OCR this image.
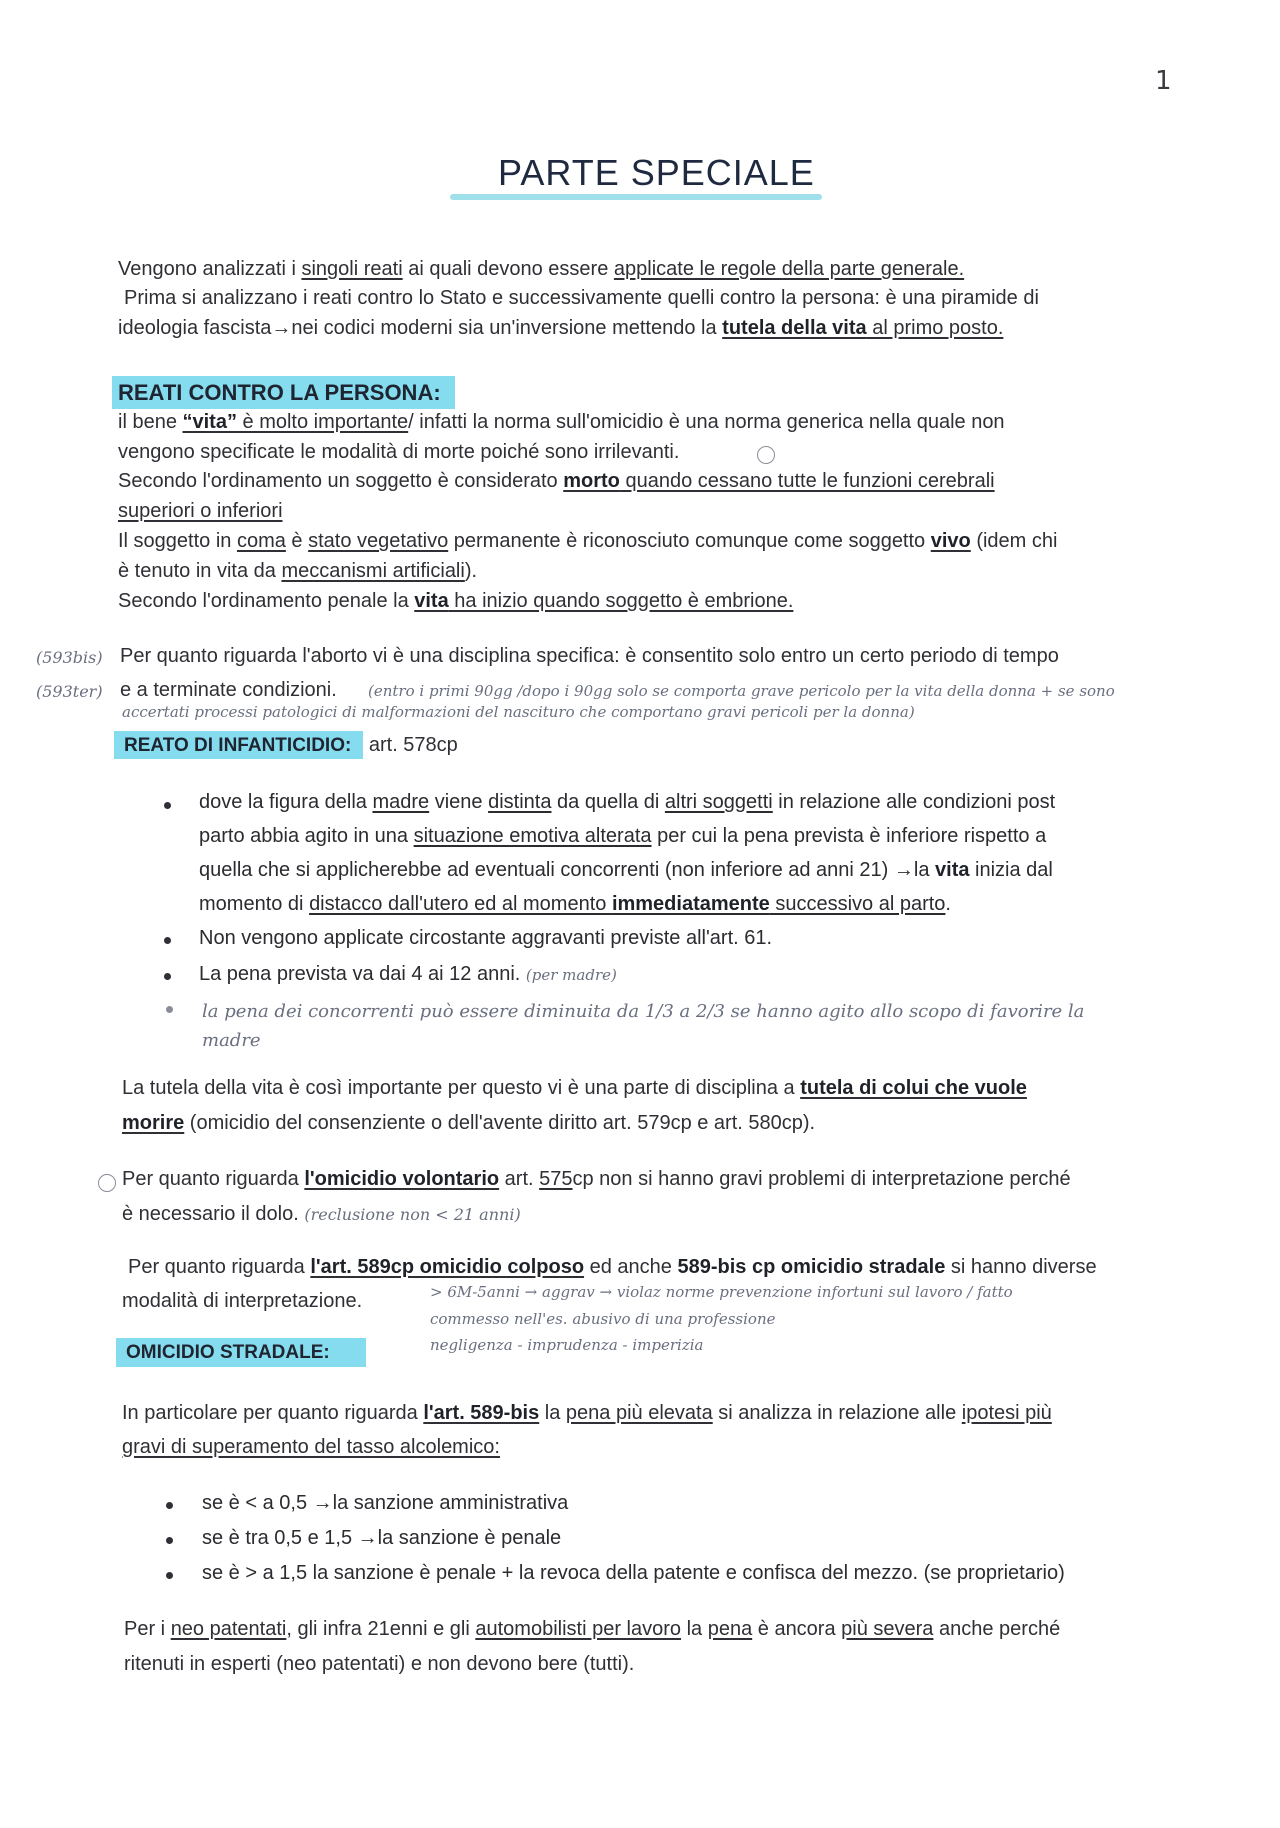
1
PARTE SPECIALE
Vengono analizzati i singoli reati ai quali devono essere applicate le regole della parte generale.
Prima si analizzano i reati contro lo Stato e successivamente quelli contro la persona: è una piramide di
ideologia fascista→nei codici moderni sia un'inversione mettendo la tutela della vita al primo posto.
REATI CONTRO LA PERSONA:
il bene “vita” è molto importante/ infatti la norma sull'omicidio è una norma generica nella quale non
vengono specificate le modalità di morte poiché sono irrilevanti.
Secondo l'ordinamento un soggetto è considerato morto quando cessano tutte le funzioni cerebrali
superiori o inferiori
Il soggetto in coma è stato vegetativo permanente è riconosciuto comunque come soggetto vivo (idem chi
è tenuto in vita da meccanismi artificiali).
Secondo l'ordinamento penale la vita ha inizio quando soggetto è embrione.
(593bis)
(593ter)
Per quanto riguarda l'aborto vi è una disciplina specifica: è consentito solo entro un certo periodo di tempo
e a terminate condizioni. (entro i primi 90gg /dopo i 90gg solo se comporta grave pericolo per la vita della donna + se sono
accertati processi patologici di malformazioni del nascituro che comportano gravi pericoli per la donna)
REATO DI INFANTICIDIO: art. 578cp
dove la figura della madre viene distinta da quella di altri soggetti in relazione alle condizioni post
parto abbia agito in una situazione emotiva alterata per cui la pena prevista è inferiore rispetto a
quella che si applicherebbe ad eventuali concorrenti (non inferiore ad anni 21) →la vita inizia dal
momento di distacco dall'utero ed al momento immediatamente successivo al parto.
Non vengono applicate circostante aggravanti previste all'art. 61.
La pena prevista va dai 4 ai 12 anni. (per madre)
la pena dei concorrenti può essere diminuita da 1/3 a 2/3 se hanno agito allo scopo di favorire la
madre
La tutela della vita è così importante per questo vi è una parte di disciplina a tutela di colui che vuole
morire (omicidio del consenziente o dell'avente diritto art. 579cp e art. 580cp).
Per quanto riguarda l'omicidio volontario art. 575cp non si hanno gravi problemi di interpretazione perché
è necessario il dolo. (reclusione non < 21 anni)
Per quanto riguarda l'art. 589cp omicidio colposo ed anche 589-bis cp omicidio stradale si hanno diverse
modalità di interpretazione.	> 6M-5anni → aggrav → violaz norme prevenzione infortuni sul lavoro / fatto
commesso nell'es. abusivo di una professione
negligenza - imprudenza - imperizia
OMICIDIO STRADALE:
In particolare per quanto riguarda l'art. 589-bis la pena più elevata si analizza in relazione alle ipotesi più
gravi di superamento del tasso alcolemico:
se è < a 0,5 →la sanzione amministrativa
se è tra 0,5 e 1,5 →la sanzione è penale
se è > a 1,5 la sanzione è penale + la revoca della patente e confisca del mezzo. (se proprietario)
Per i neo patentati, gli infra 21enni e gli automobilisti per lavoro la pena è ancora più severa anche perché
ritenuti in esperti (neo patentati) e non devono bere (tutti).
